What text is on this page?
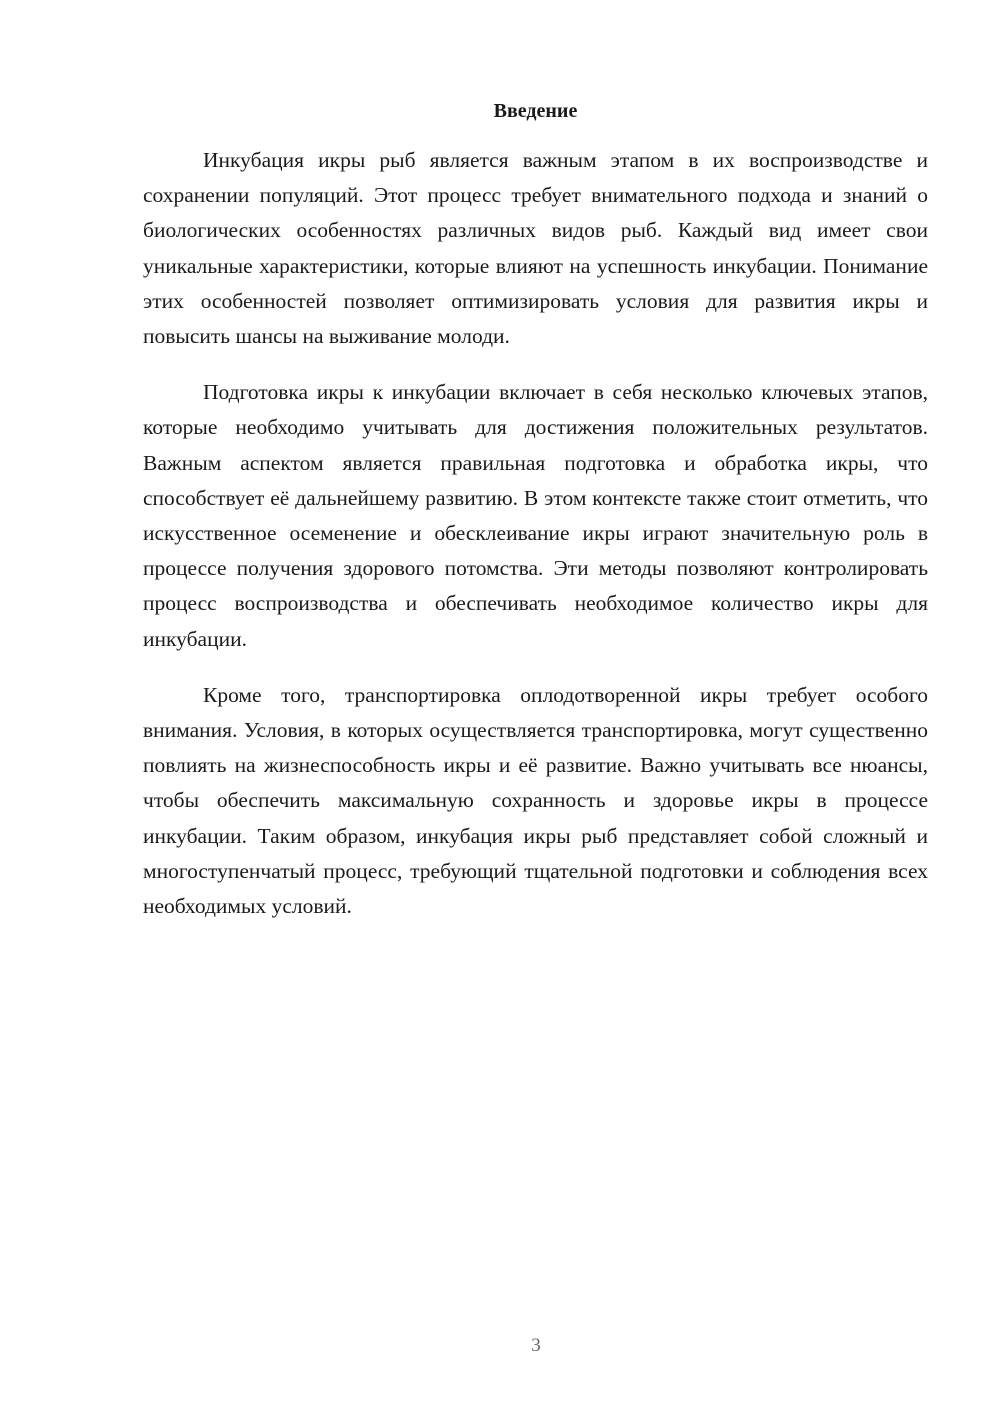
Введение

Инкубация икры рыб является важным этапом в их воспроизводстве и сохранении популяций. Этот процесс требует внимательного подхода и знаний о биологических особенностях различных видов рыб. Каждый вид имеет свои уникальные характеристики, которые влияют на успешность инкубации. Понимание этих особенностей позволяет оптимизировать условия для развития икры и повысить шансы на выживание молоди.

Подготовка икры к инкубации включает в себя несколько ключевых этапов, которые необходимо учитывать для достижения положительных результатов. Важным аспектом является правильная подготовка и обработка икры, что способствует её дальнейшему развитию. В этом контексте также стоит отметить, что искусственное осеменение и обесклеивание икры играют значительную роль в процессе получения здорового потомства. Эти методы позволяют контролировать процесс воспроизводства и обеспечивать необходимое количество икры для инкубации.

Кроме того, транспортировка оплодотворенной икры требует особого внимания. Условия, в которых осуществляется транспортировка, могут существенно повлиять на жизнеспособность икры и её развитие. Важно учитывать все нюансы, чтобы обеспечить максимальную сохранность и здоровье икры в процессе инкубации. Таким образом, инкубация икры рыб представляет собой сложный и многоступенчатый процесс, требующий тщательной подготовки и соблюдения всех необходимых условий.

3
